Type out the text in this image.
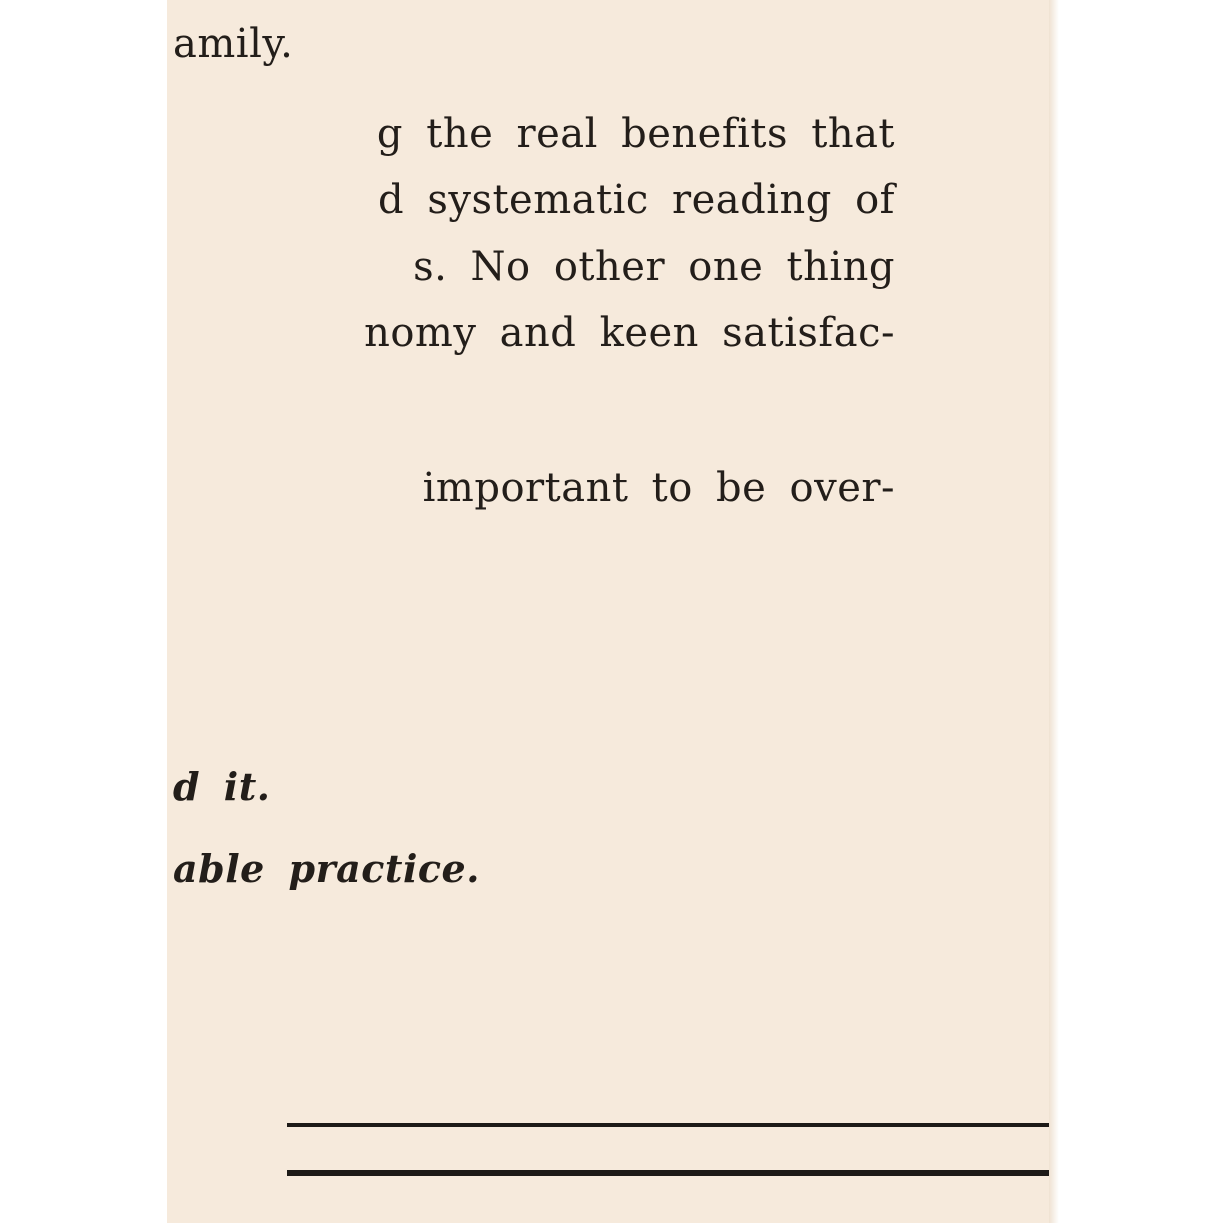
amily.

g the real benefits that

d systematic reading of

s. No other one thing

nomy and keen satisfac-

important to be over-

d it.

able practice.
